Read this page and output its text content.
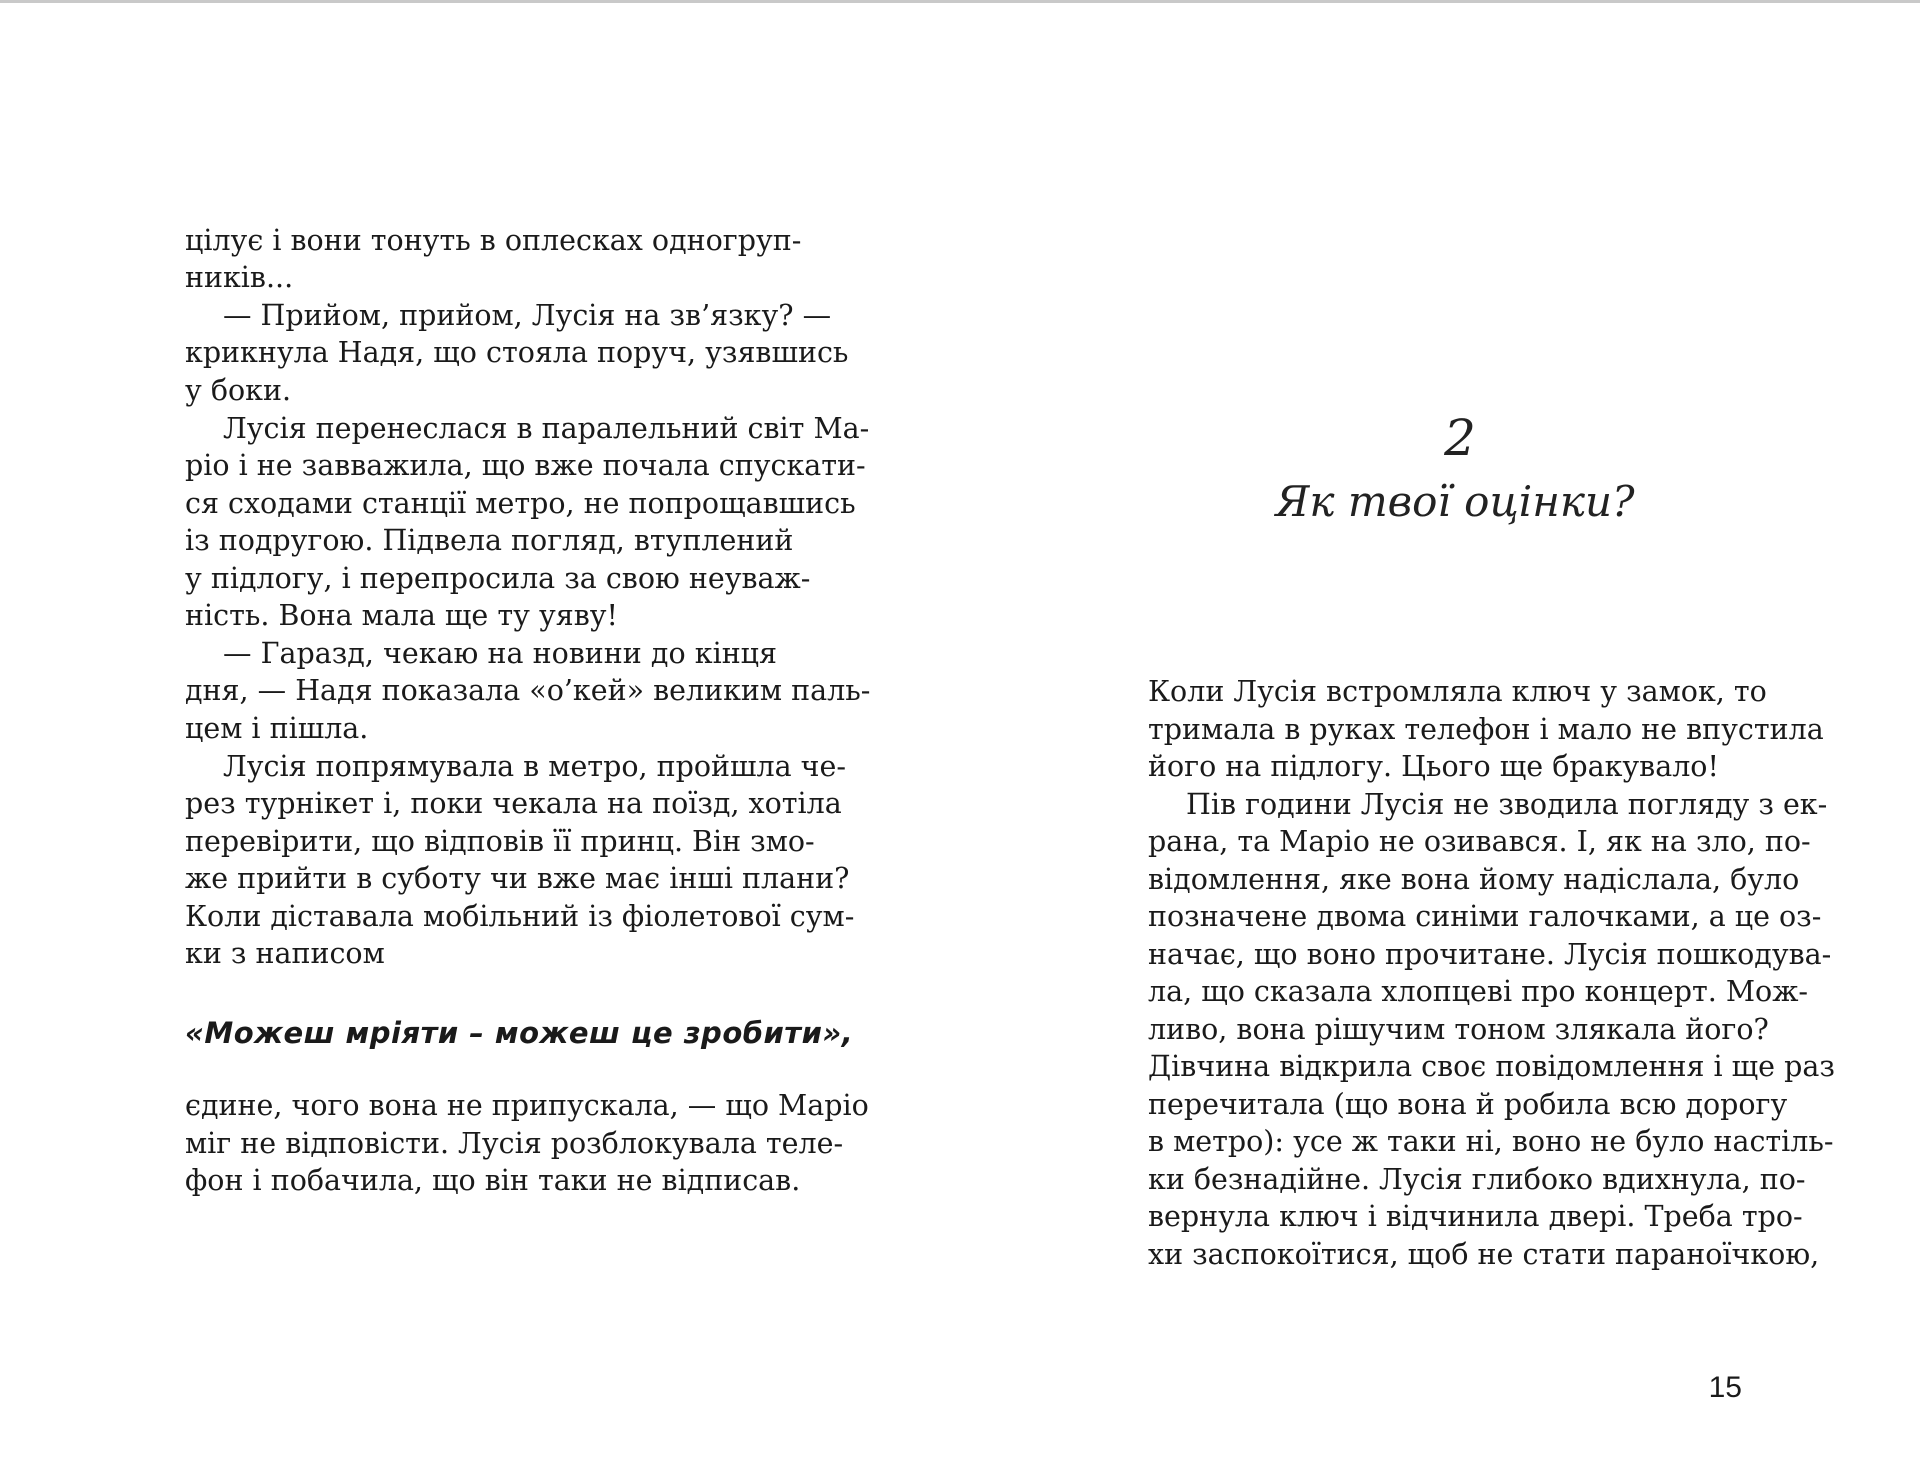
цілує і вони тонуть в оплесках одногруп-
ників...
— Прийом, прийом, Лусія на зв’язку? —
крикнула Надя, що стояла поруч, узявшись
у боки.
Лусія перенеслася в паралельний світ Ма-
ріо і не завважила, що вже почала спускати-
ся сходами станції метро, не попрощавшись
із подругою. Підвела погляд, втуплений
у підлогу, і перепросила за свою неуваж-
ність. Вона мала ще ту уяву!
— Гаразд, чекаю на новини до кінця
дня, — Надя показала «о’кей» великим паль-
цем і пішла.
Лусія попрямувала в метро, пройшла че-
рез турнікет і, поки чекала на поїзд, хотіла
перевірити, що відповів її принц. Він змо-
же прийти в суботу чи вже має інші плани?
Коли діставала мобільний із фіолетової сум-
ки з написом
«Можеш мріяти – можеш це зробити»,
єдине, чого вона не припускала, — що Маріо
міг не відповісти. Лусія розблокувала теле-
фон і побачила, що він таки не відписав.
2
Як твої оцінки?
Коли Лусія встромляла ключ у замок, то
тримала в руках телефон і мало не впустила
його на підлогу. Цього ще бракувало!
Пів години Лусія не зводила погляду з ек-
рана, та Маріо не озивався. І, як на зло, по-
відомлення, яке вона йому надіслала, було
позначене двома синіми галочками, а це оз-
начає, що воно прочитане. Лусія пошкодува-
ла, що сказала хлопцеві про концерт. Мож-
ливо, вона рішучим тоном злякала його?
Дівчина відкрила своє повідомлення і ще раз
перечитала (що вона й робила всю дорогу
в метро): усе ж таки ні, воно не було настіль-
ки безнадійне. Лусія глибоко вдихнула, по-
вернула ключ і відчинила двері. Треба тро-
хи заспокоїтися, щоб не стати параноїчкою,
15
